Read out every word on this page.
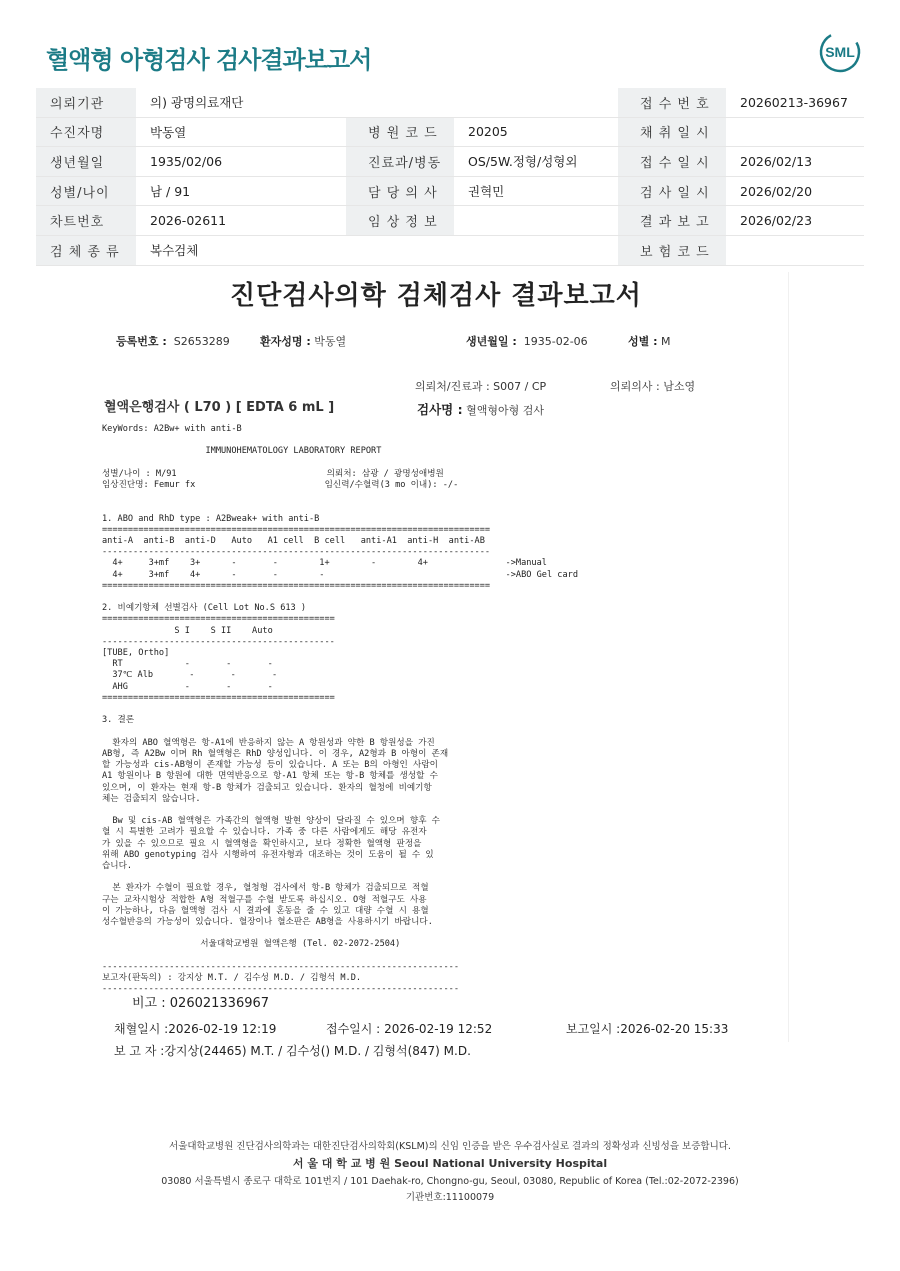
혈액형 아형검사 검사결과보고서	SML
의뢰기관	의) 광명의료재단			접 수 번 호	20260213-36967
수진자명	박동열	병 원 코 드	20205	채 취 일 시	
생년월일	1935/02/06	진료과/병동	OS/5W.정형/성형외	접 수 일 시	2026/02/13
성별/나이	남 / 91	담 당 의 사	권혁민	검 사 일 시	2026/02/20
차트번호	2026-02611	임 상 정 보		결 과 보 고	2026/02/23
검 체 종 류	복수검체			보 험 코 드	
진단검사의학 검체검사 결과보고서
등록번호 : S2653289	환자성명 : 박동열	생년월일 : 1935-02-06	성별 : M
의뢰처/진료과 : S007 / CP	의뢰의사 : 남소영
혈액은행검사 ( L70 ) [ EDTA 6 mL ]	검사명 : 혈액형아형 검사
KeyWords: A2Bw+ with anti-B

IMMUNOHEMATOLOGY LABORATORY REPORT

성별/나이 : M/91                             의뢰처: 삼광 / 광명성애병원
임상진단명: Femur fx                         임신력/수혈력(3 mo 이내): -/-

1. ABO and RhD type : A2Bweak+ with anti-B
===========================================================================
anti-A  anti-B  anti-D   Auto   A1 cell  B cell   anti-A1  anti-H  anti-AB
---------------------------------------------------------------------------
4+     3+mf    3+      -       -        1+        -        4+               ->Manual
4+     3+mf    4+      -       -        -                                   ->ABO Gel card
===========================================================================

2. 비예기항체 선별검사 (Cell Lot No.S 613 )
=============================================
S I    S II    Auto
---------------------------------------------
[TUBE, Ortho]
RT            -       -       -
37℃ Alb       -       -       -
AHG           -       -       -
=============================================

3. 결론

환자의 ABO 혈액형은 항-A1에 반응하지 않는 A 항원성과 약한 B 항원성을 가진
AB형, 즉 A2Bw 이며 Rh 혈액형은 RhD 양성입니다. 이 경우, A2형과 B 아형이 존재
할 가능성과 cis-AB형이 존재할 가능성 등이 있습니다. A 또는 B의 아형인 사람이
A1 항원이나 B 항원에 대한 면역반응으로 항-A1 항체 또는 항-B 항체를 생성할 수
있으며, 이 환자는 현재 항-B 항체가 검출되고 있습니다. 환자의 혈청에 비예기항
체는 검출되지 않습니다.

Bw 및 cis-AB 혈액형은 가족간의 혈액형 발현 양상이 달라질 수 있으며 향후 수
혈 시 특별한 고려가 필요할 수 있습니다. 가족 중 다른 사람에게도 해당 유전자
가 있을 수 있으므로 필요 시 혈액형을 확인하시고, 보다 정확한 혈액형 판정을
위해 ABO genotyping 검사 시행하여 유전자형과 대조하는 것이 도움이 될 수 있
습니다.

본 환자가 수혈이 필요할 경우, 혈청형 검사에서 항-B 항체가 검출되므로 적혈
구는 교차시험상 적합한 A형 적혈구를 수혈 받도록 하십시오. O형 적혈구도 사용
이 가능하나, 다음 혈액형 검사 시 결과에 혼동을 줄 수 있고 대량 수혈 시 용혈
성수혈반응의 가능성이 있습니다. 혈장이나 혈소판은 AB형을 사용하시기 바랍니다.

서울대학교병원 혈액은행 (Tel. 02-2072-2504)

---------------------------------------------------------------------
보고자(판독의) : 강지상 M.T. / 김수성 M.D. / 김형석 M.D.
---------------------------------------------------------------------
비고 : 026021336967
채혈일시 :2026-02-19 12:19	접수일시 : 2026-02-19 12:52	보고일시 :2026-02-20 15:33
보 고 자 :강지상(24465) M.T. / 김수성() M.D. / 김형석(847) M.D.
서울대학교병원 진단검사의학과는 대한진단검사의학회(KSLM)의 신임 인증을 받은 우수검사실로 결과의 정확성과 신빙성을 보증합니다.
서 울 대 학 교 병 원 Seoul National University Hospital
03080 서울특별시 종로구 대학로 101번지 / 101 Daehak-ro, Chongno-gu, Seoul, 03080, Republic of Korea (Tel.:02-2072-2396)
기관번호:11100079
